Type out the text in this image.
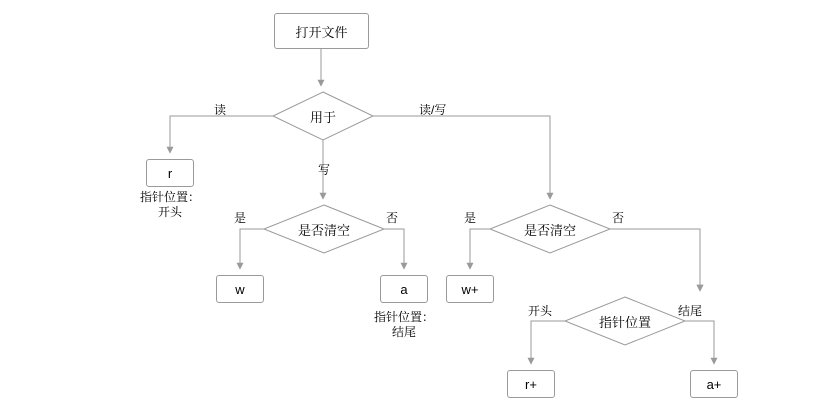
打开文件
用于
r
是否清空
w	a
是否清空
w+
指针位置
r+	a+
读	读/写
写
是	否	是	否
开头	结尾
指针位置：
开头
指针位置：
结尾
